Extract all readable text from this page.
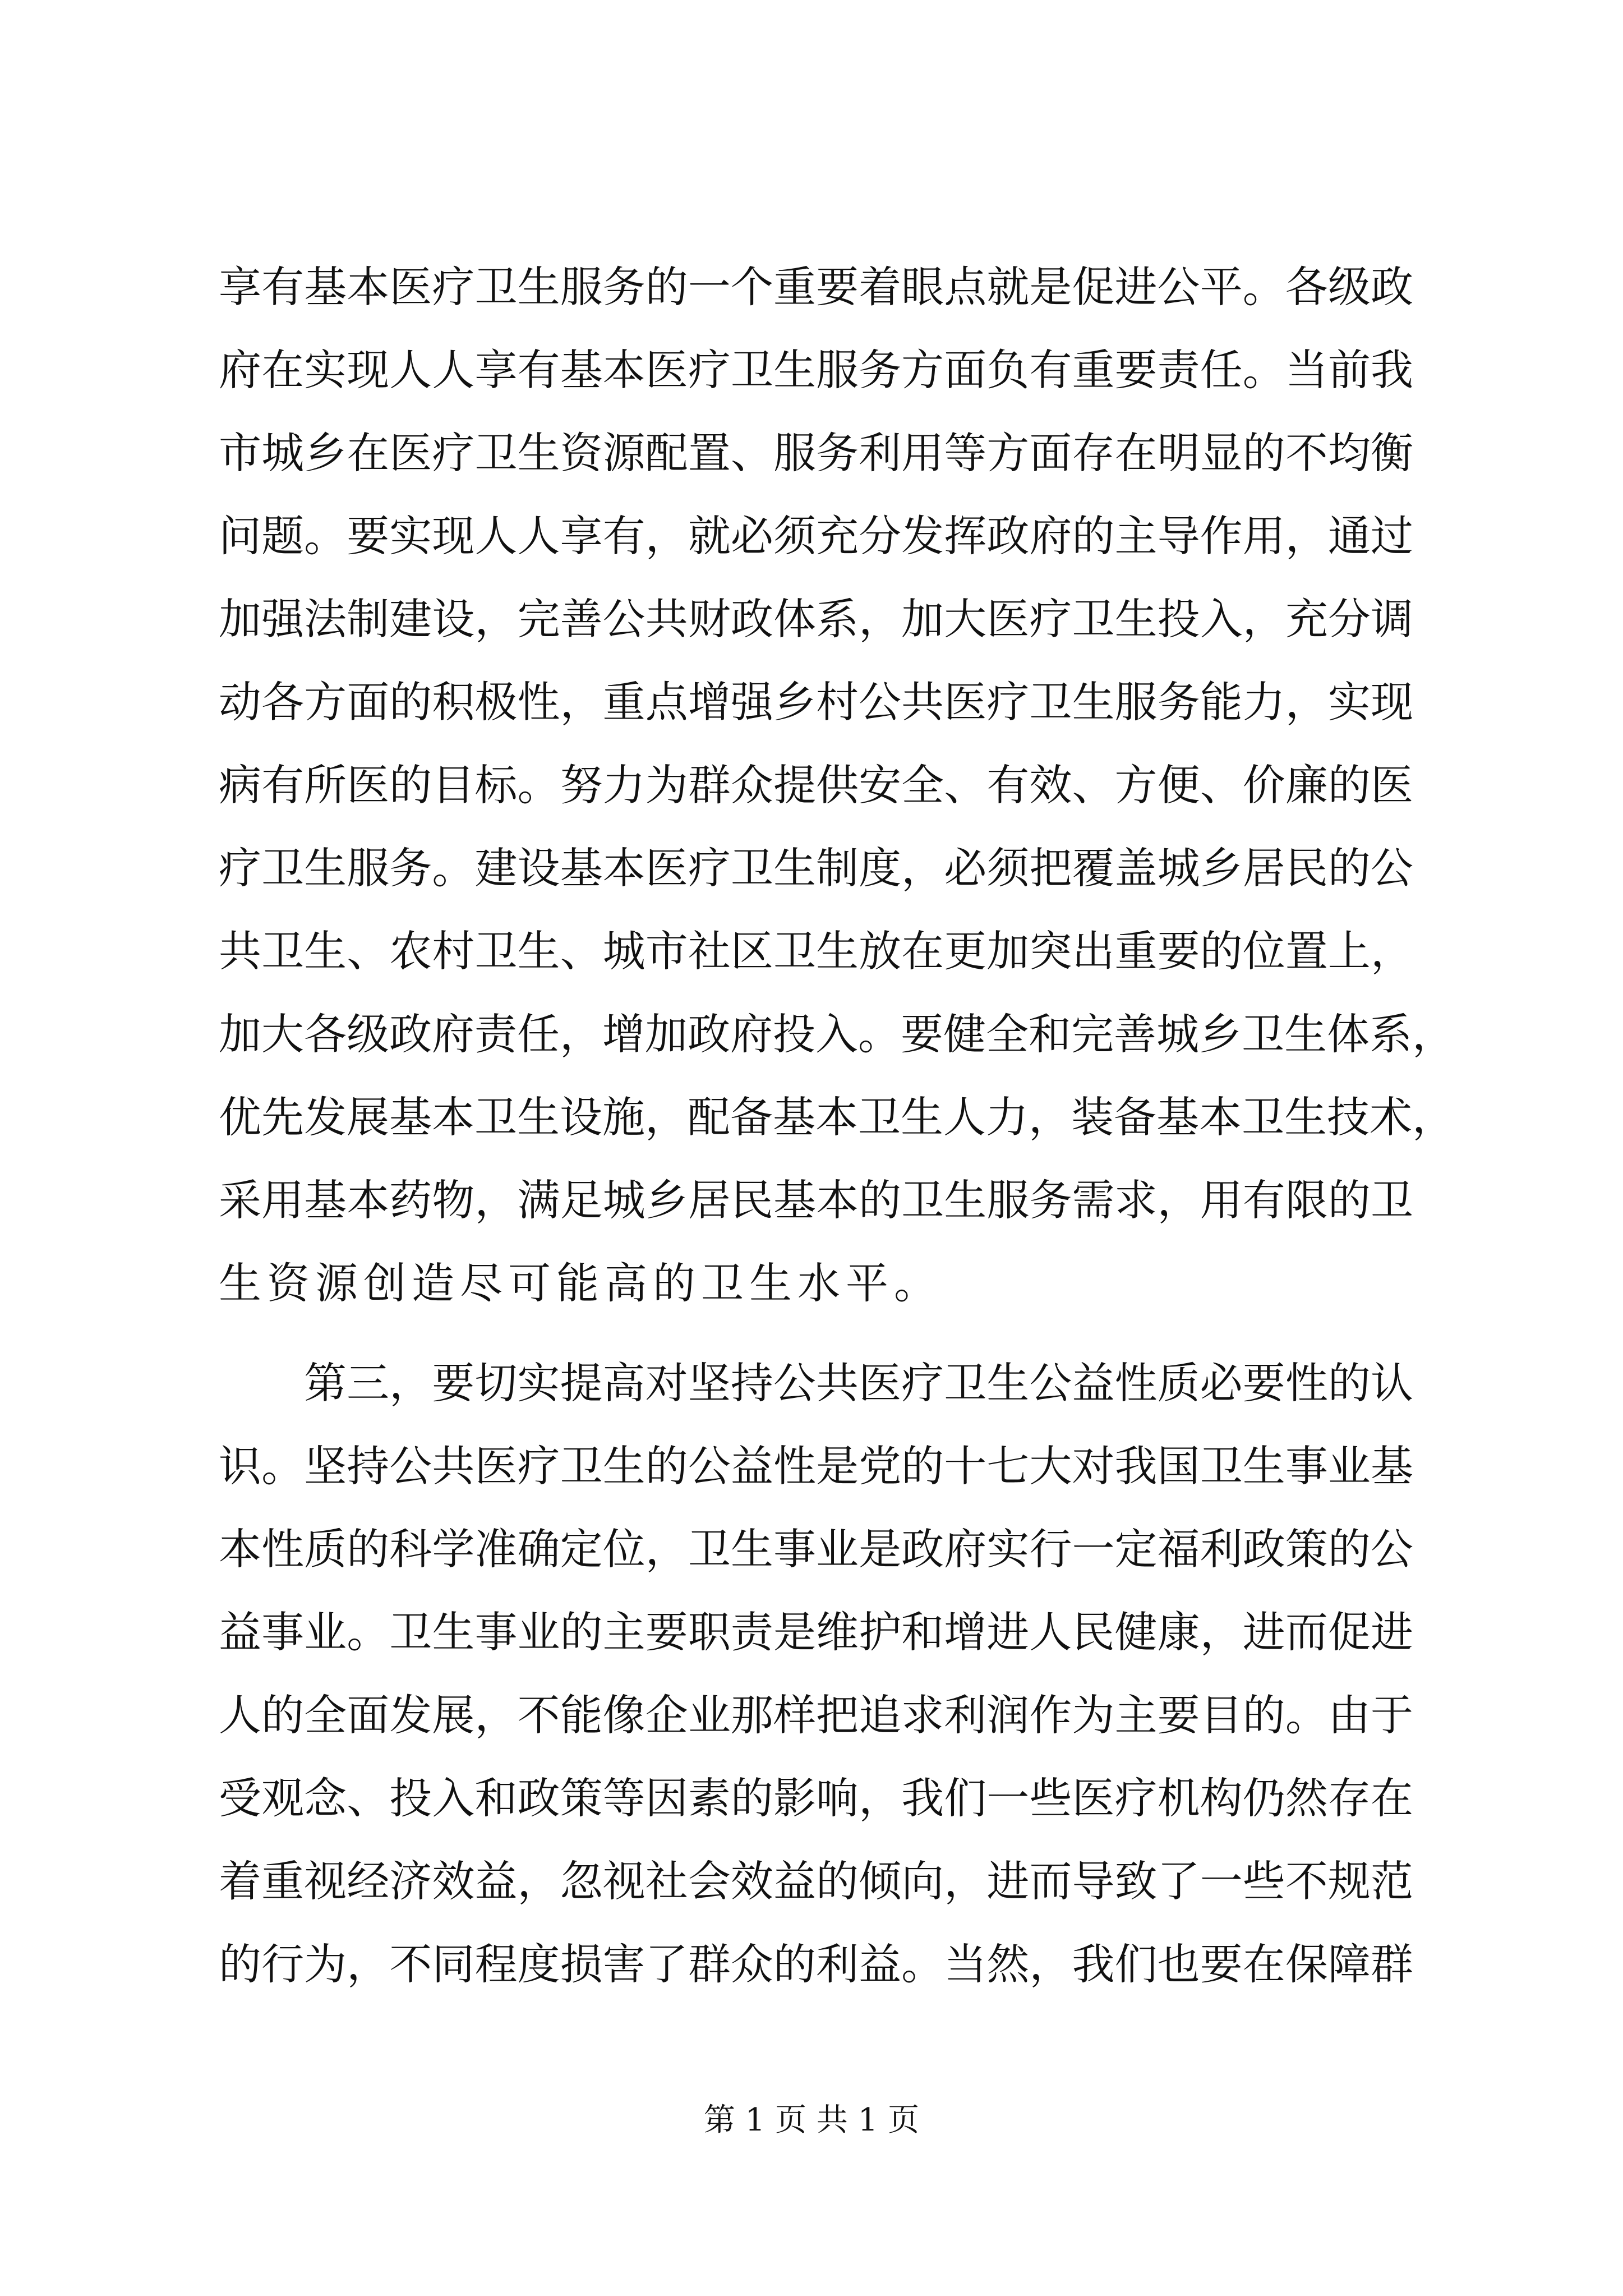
享有基本医疗卫生服务的一个重要着眼点就是促进公平。各级政
府在实现人人享有基本医疗卫生服务方面负有重要责任。当前我
市城乡在医疗卫生资源配置、服务利用等方面存在明显的不均衡
问题。要实现人人享有，就必须充分发挥政府的主导作用，通过
加强法制建设，完善公共财政体系，加大医疗卫生投入，充分调
动各方面的积极性，重点增强乡村公共医疗卫生服务能力，实现
病有所医的目标。努力为群众提供安全、有效、方便、价廉的医
疗卫生服务。建设基本医疗卫生制度，必须把覆盖城乡居民的公
共卫生、农村卫生、城市社区卫生放在更加突出重要的位置上，
加大各级政府责任，增加政府投入。要健全和完善城乡卫生体系，
优先发展基本卫生设施，配备基本卫生人力，装备基本卫生技术，
采用基本药物，满足城乡居民基本的卫生服务需求，用有限的卫
生资源创造尽可能高的卫生水平。
第三，要切实提高对坚持公共医疗卫生公益性质必要性的认
识。坚持公共医疗卫生的公益性是党的十七大对我国卫生事业基
本性质的科学准确定位，卫生事业是政府实行一定福利政策的公
益事业。卫生事业的主要职责是维护和增进人民健康，进而促进
人的全面发展，不能像企业那样把追求利润作为主要目的。由于
受观念、投入和政策等因素的影响，我们一些医疗机构仍然存在
着重视经济效益，忽视社会效益的倾向，进而导致了一些不规范
的行为，不同程度损害了群众的利益。当然，我们也要在保障群
第 1 页 共 1 页
